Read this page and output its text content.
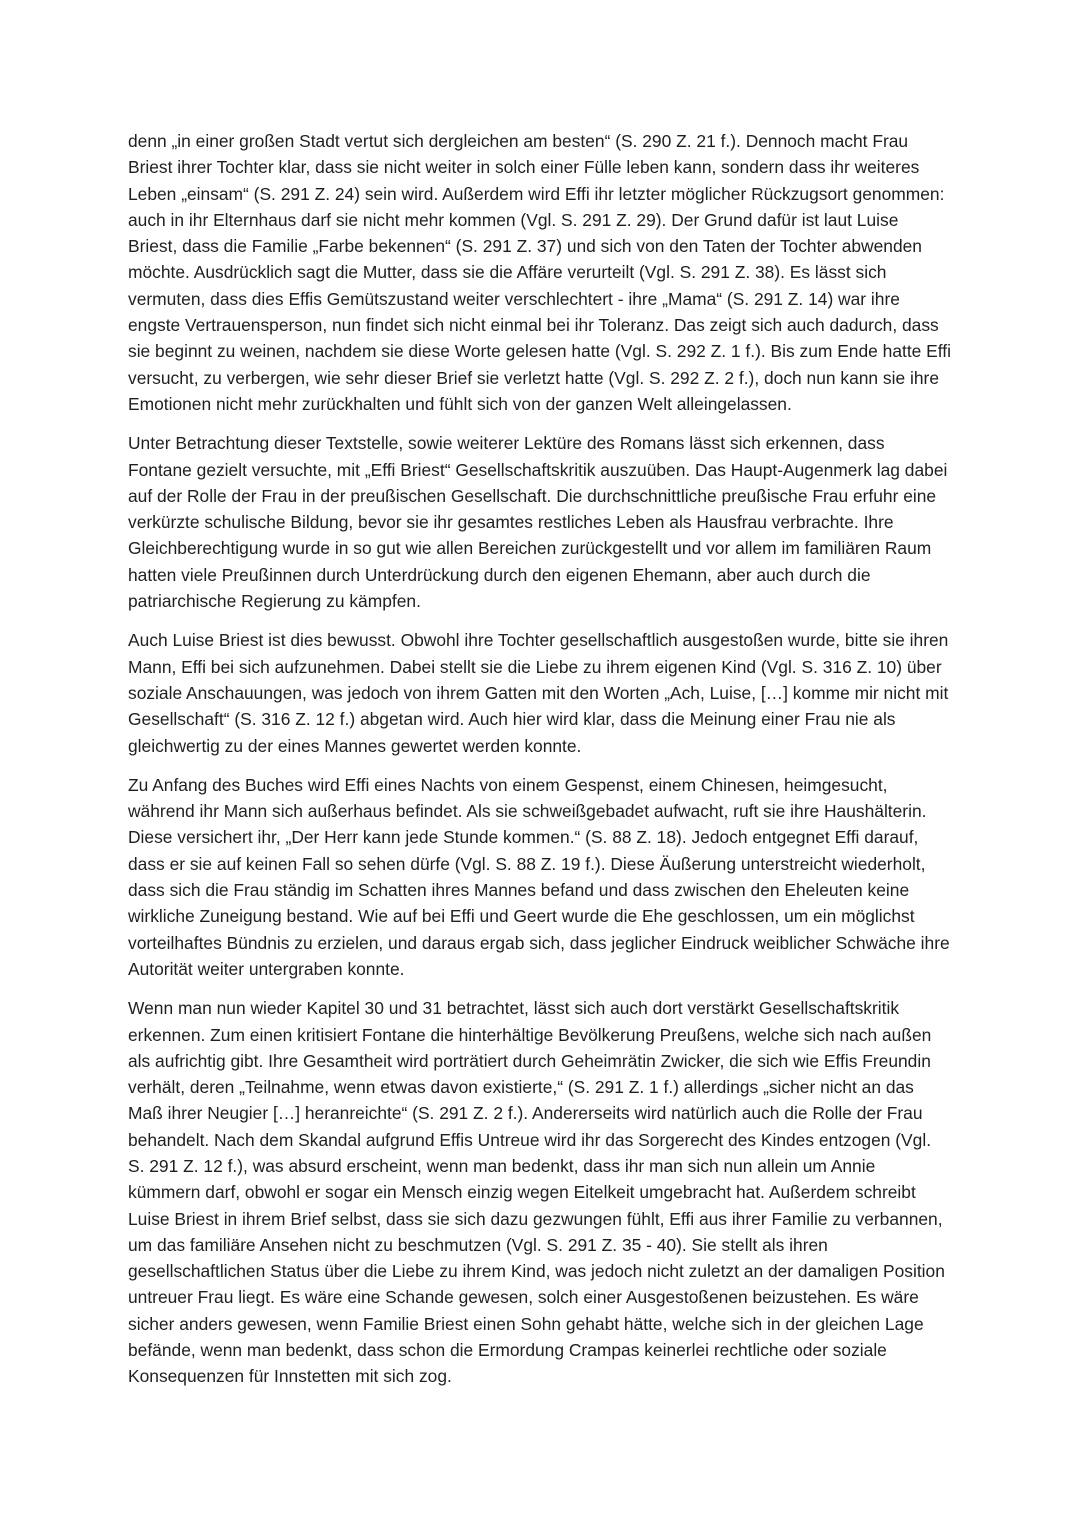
denn „in einer großen Stadt vertut sich dergleichen am besten“ (S. 290 Z. 21 f.). Dennoch macht Frau Briest ihrer Tochter klar, dass sie nicht weiter in solch einer Fülle leben kann, sondern dass ihr weiteres Leben „einsam“ (S. 291 Z. 24) sein wird. Außerdem wird Effi ihr letzter möglicher Rückzugsort genommen: auch in ihr Elternhaus darf sie nicht mehr kommen (Vgl. S. 291 Z. 29). Der Grund dafür ist laut Luise Briest, dass die Familie „Farbe bekennen“ (S. 291 Z. 37) und sich von den Taten der Tochter abwenden möchte. Ausdrücklich sagt die Mutter, dass sie die Affäre verurteilt (Vgl. S. 291 Z. 38). Es lässt sich vermuten, dass dies Effis Gemütszustand weiter verschlechtert - ihre „Mama“ (S. 291 Z. 14) war ihre engste Vertrauensperson, nun findet sich nicht einmal bei ihr Toleranz. Das zeigt sich auch dadurch, dass sie beginnt zu weinen, nachdem sie diese Worte gelesen hatte (Vgl. S. 292 Z. 1 f.). Bis zum Ende hatte Effi versucht, zu verbergen, wie sehr dieser Brief sie verletzt hatte (Vgl. S. 292 Z. 2 f.), doch nun kann sie ihre Emotionen nicht mehr zurückhalten und fühlt sich von der ganzen Welt alleingelassen.

Unter Betrachtung dieser Textstelle, sowie weiterer Lektüre des Romans lässt sich erkennen, dass Fontane gezielt versuchte, mit „Effi Briest“ Gesellschaftskritik auszuüben. Das Haupt-Augenmerk lag dabei auf der Rolle der Frau in der preußischen Gesellschaft. Die durchschnittliche preußische Frau erfuhr eine verkürzte schulische Bildung, bevor sie ihr gesamtes restliches Leben als Hausfrau verbrachte. Ihre Gleichberechtigung wurde in so gut wie allen Bereichen zurückgestellt und vor allem im familiären Raum hatten viele Preußinnen durch Unterdrückung durch den eigenen Ehemann, aber auch durch die patriarchische Regierung zu kämpfen.

Auch Luise Briest ist dies bewusst. Obwohl ihre Tochter gesellschaftlich ausgestoßen wurde, bitte sie ihren Mann, Effi bei sich aufzunehmen. Dabei stellt sie die Liebe zu ihrem eigenen Kind (Vgl. S. 316 Z. 10) über soziale Anschauungen, was jedoch von ihrem Gatten mit den Worten „Ach, Luise, […] komme mir nicht mit Gesellschaft“ (S. 316 Z. 12 f.) abgetan wird. Auch hier wird klar, dass die Meinung einer Frau nie als gleichwertig zu der eines Mannes gewertet werden konnte.

Zu Anfang des Buches wird Effi eines Nachts von einem Gespenst, einem Chinesen, heimgesucht, während ihr Mann sich außerhaus befindet. Als sie schweißgebadet aufwacht, ruft sie ihre Haushälterin. Diese versichert ihr, „Der Herr kann jede Stunde kommen.“ (S. 88 Z. 18). Jedoch entgegnet Effi darauf, dass er sie auf keinen Fall so sehen dürfe (Vgl. S. 88 Z. 19 f.). Diese Äußerung unterstreicht wiederholt, dass sich die Frau ständig im Schatten ihres Mannes befand und dass zwischen den Eheleuten keine wirkliche Zuneigung bestand. Wie auf bei Effi und Geert wurde die Ehe geschlossen, um ein möglichst vorteilhaftes Bündnis zu erzielen, und daraus ergab sich, dass jeglicher Eindruck weiblicher Schwäche ihre Autorität weiter untergraben konnte.

Wenn man nun wieder Kapitel 30 und 31 betrachtet, lässt sich auch dort verstärkt Gesellschaftskritik erkennen. Zum einen kritisiert Fontane die hinterhältige Bevölkerung Preußens, welche sich nach außen als aufrichtig gibt. Ihre Gesamtheit wird porträtiert durch Geheimrätin Zwicker, die sich wie Effis Freundin verhält, deren „Teilnahme, wenn etwas davon existierte,“ (S. 291 Z. 1 f.) allerdings „sicher nicht an das Maß ihrer Neugier […] heranreichte“ (S. 291 Z. 2 f.). Andererseits wird natürlich auch die Rolle der Frau behandelt. Nach dem Skandal aufgrund Effis Untreue wird ihr das Sorgerecht des Kindes entzogen (Vgl. S. 291 Z. 12 f.), was absurd erscheint, wenn man bedenkt, dass ihr man sich nun allein um Annie kümmern darf, obwohl er sogar ein Mensch einzig wegen Eitelkeit umgebracht hat. Außerdem schreibt Luise Briest in ihrem Brief selbst, dass sie sich dazu gezwungen fühlt, Effi aus ihrer Familie zu verbannen, um das familiäre Ansehen nicht zu beschmutzen (Vgl. S. 291 Z. 35 - 40). Sie stellt als ihren gesellschaftlichen Status über die Liebe zu ihrem Kind, was jedoch nicht zuletzt an der damaligen Position untreuer Frau liegt. Es wäre eine Schande gewesen, solch einer Ausgestoßenen beizustehen. Es wäre sicher anders gewesen, wenn Familie Briest einen Sohn gehabt hätte, welche sich in der gleichen Lage befände, wenn man bedenkt, dass schon die Ermordung Crampas keinerlei rechtliche oder soziale Konsequenzen für Innstetten mit sich zog.
